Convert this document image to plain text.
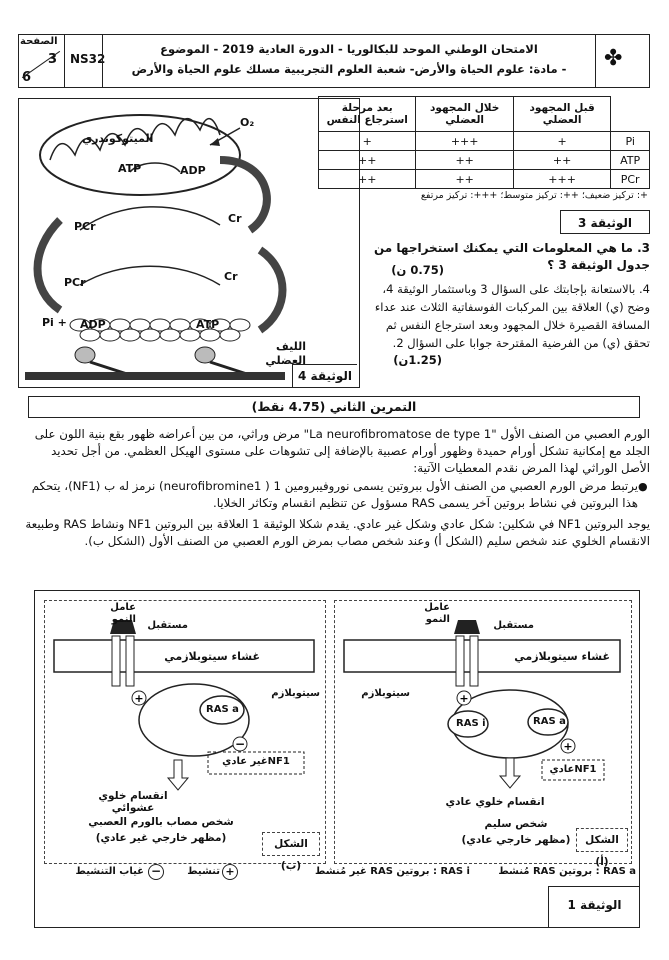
الصفحة
3
6
NS32
الامتحان الوطني الموحد للبكالوريا - الدورة العادية 2019 - الموضوع
- مادة: علوم الحياة والأرض- شعبة العلوم التجريبية مسلك علوم الحياة والأرض	✤
O₂
الميتوكوندري
ATP	ADP
PCr
Cr
PCr	Cr
Pi + ADP	ATP
الليف العضلي
الوثيقة 4
	قبل المجهود العضلي	خلال المجهود العضلي	بعد مرحلة استرجاع النفس
Pi	+	+++	+
ATP	++	++	++
PCr	+++	++	++
+: تركيز ضعيف؛ ++: تركيز متوسط؛ +++: تركيز مرتفع
الوثيقة 3
3. ما هي المعلومات التي يمكنك استخراجها من جدول الوثيقة 3 ؟
(0.75 ن)
4. بالاستعانة بإجابتك على السؤال 3 وباستثمار الوثيقة 4، وضح (ي) العلاقة بين المركبات الفوسفاتية الثلاث عند عداء المسافة القصيرة خلال المجهود وبعد استرجاع النفس ثم تحقق (ي) من الفرضية المقترحة جوابا على السؤال 2.
(1.25ن)
التمرين الثاني (4.75 نقط)
الورم العصبي من الصنف الأول "La neurofibromatose de type 1" مرض وراثي، من بين أعراضه ظهور بقع بنية اللون على الجلد مع إمكانية تشكل أورام حميدة وظهور أورام عصبية بالإضافة إلى تشوهات على مستوى الهيكل العظمي. من أجل تحديد الأصل الوراثي لهذا المرض نقدم المعطيات الآتية:
يرتبط مرض الورم العصبي من الصنف الأول ببروتين يسمى نوروفيبرومين 1 ( neurofibromine1) نرمز له ب (NF1)، يتحكم هذا البروتين في نشاط بروتين آخر يسمى RAS مسؤول عن تنظيم انقسام وتكاثر الخلايا.
●
يوجد البروتين NF1 في شكلين: شكل عادي وشكل غير عادي. يقدم شكلا الوثيقة 1 العلاقة بين البروتين NF1 ونشاط RAS وطبيعة الانقسام الخلوي عند شخص سليم (الشكل أ) وعند شخص مصاب بمرض الورم العصبي من الصنف الأول (الشكل ب).
+
−
+
+
عامل النمو
مستقبل
غشاء سيتوبلازمي
سيتوبلازم
RAS a
NF1غير عادي
انقسام خلوي عشوائي
شخص مصاب بالورم العصبي
(مظهر خارجي غير عادي)	الشكل (ب)
عامل النمو
مستقبل
غشاء سيتوبلازمي
سيتوبلازم
RAS i	RAS a
NF1عادي
انقسام خلوي عادي
شخص سليم
(مظهر خارجي عادي)	الشكل (أ)
RAS a : بروتين RAS مُنشط
RAS i : بروتين RAS غير مُنشط
تنشيط +
غياب التنشيط −
الوثيقة 1
